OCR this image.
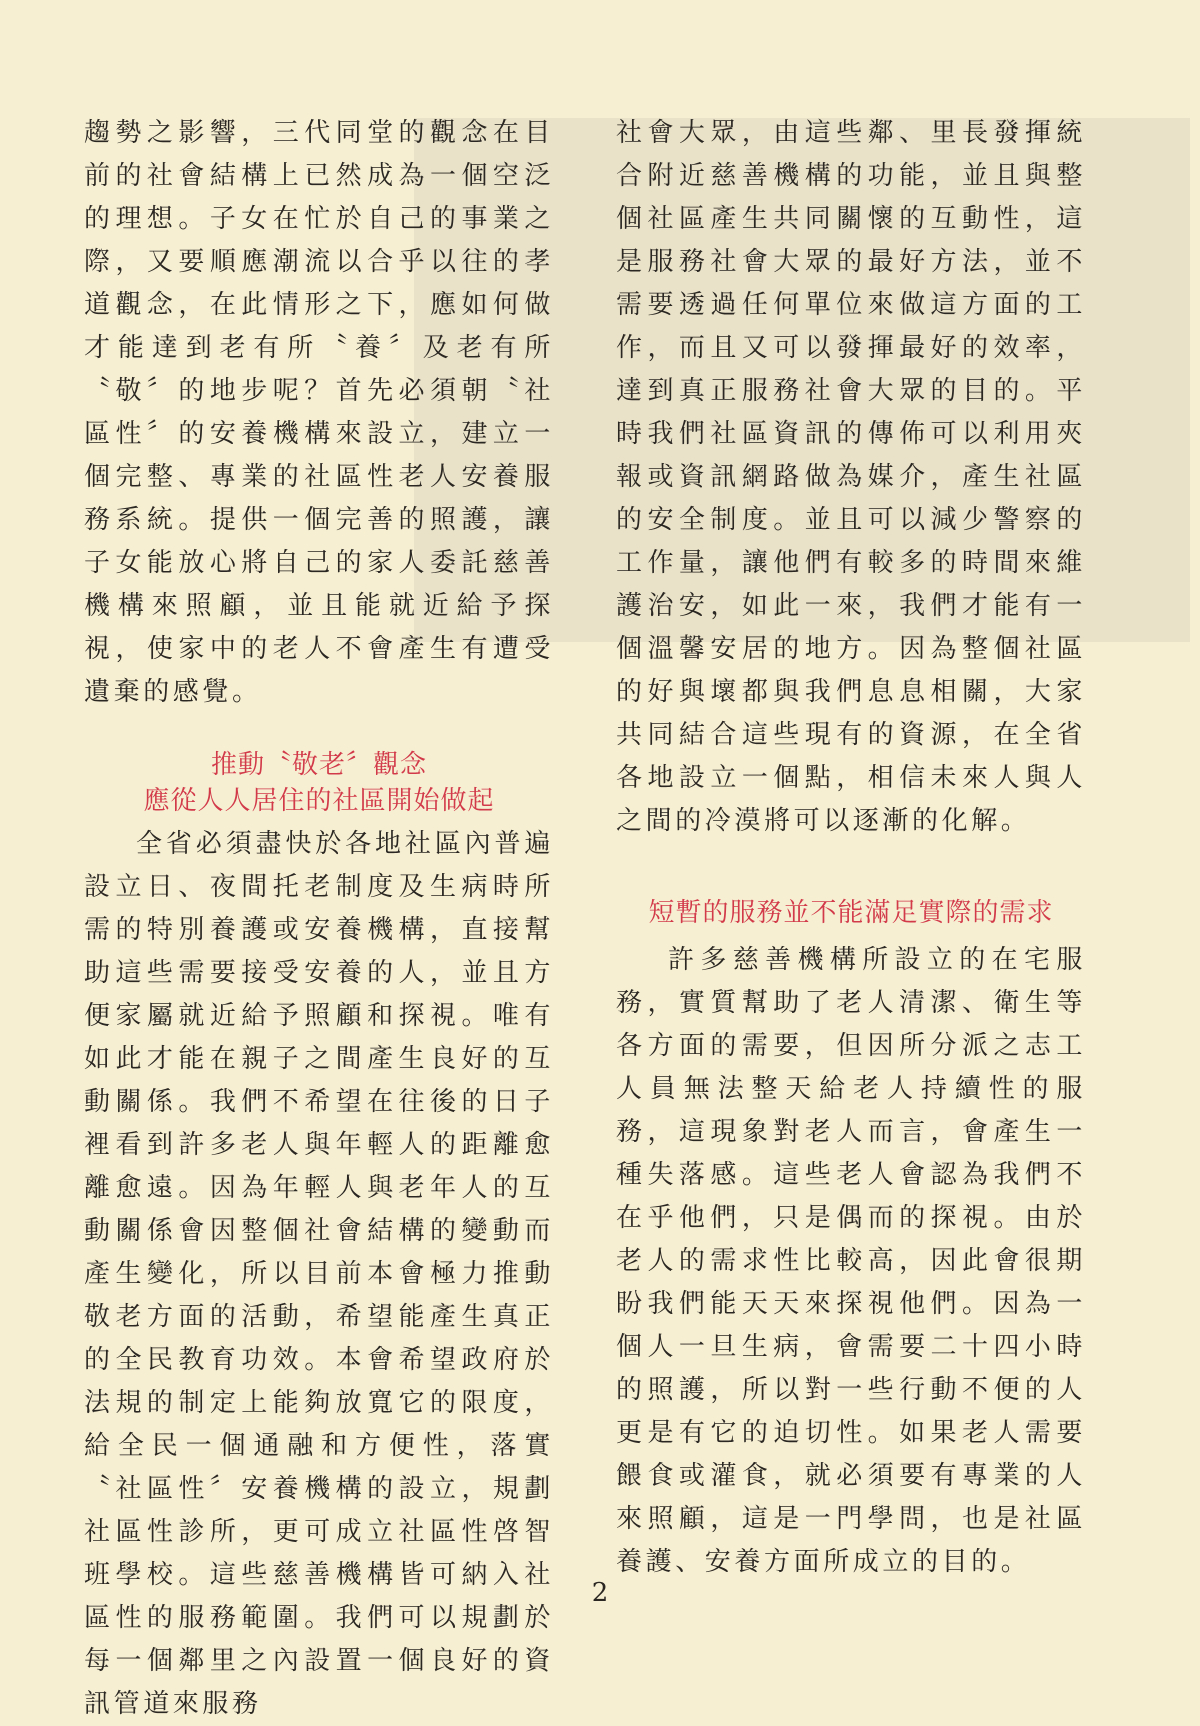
趨勢之影響，三代同堂的觀念在目前的社會結構上已然成為一個空泛的理想。子女在忙於自己的事業之際，又要順應潮流以合乎以往的孝道觀念，在此情形之下，應如何做才能達到老有所〝養〞及老有所〝敬〞的地步呢？首先必須朝〝社區性〞的安養機構來設立，建立一個完整、專業的社區性老人安養服務系統。提供一個完善的照護，讓子女能放心將自己的家人委託慈善機構來照顧，並且能就近給予探視，使家中的老人不會產生有遭受遺棄的感覺。

推動〝敬老〞觀念

應從人人居住的社區開始做起

全省必須盡快於各地社區內普遍設立日、夜間托老制度及生病時所需的特別養護或安養機構，直接幫助這些需要接受安養的人，並且方便家屬就近給予照顧和探視。唯有如此才能在親子之間產生良好的互動關係。我們不希望在往後的日子裡看到許多老人與年輕人的距離愈離愈遠。因為年輕人與老年人的互動關係會因整個社會結構的變動而產生變化，所以目前本會極力推動敬老方面的活動，希望能產生真正的全民教育功效。本會希望政府於法規的制定上能夠放寬它的限度，給全民一個通融和方便性，落實〝社區性〞安養機構的設立，規劃社區性診所，更可成立社區性啓智班學校。這些慈善機構皆可納入社區性的服務範圍。我們可以規劃於每一個鄰里之內設置一個良好的資訊管道來服務

社會大眾，由這些鄰、里長發揮統合附近慈善機構的功能，並且與整個社區產生共同關懷的互動性，這是服務社會大眾的最好方法，並不需要透過任何單位來做這方面的工作，而且又可以發揮最好的效率，達到真正服務社會大眾的目的。平時我們社區資訊的傳佈可以利用夾報或資訊網路做為媒介，產生社區的安全制度。並且可以減少警察的工作量，讓他們有較多的時間來維護治安，如此一來，我們才能有一個溫馨安居的地方。因為整個社區的好與壞都與我們息息相關，大家共同結合這些現有的資源，在全省各地設立一個點，相信未來人與人之間的冷漠將可以逐漸的化解。

短暫的服務並不能滿足實際的需求

許多慈善機構所設立的在宅服務，實質幫助了老人清潔、衛生等各方面的需要，但因所分派之志工人員無法整天給老人持續性的服務，這現象對老人而言，會產生一種失落感。這些老人會認為我們不在乎他們，只是偶而的探視。由於老人的需求性比較高，因此會很期盼我們能天天來探視他們。因為一個人一旦生病，會需要二十四小時的照護，所以對一些行動不便的人更是有它的迫切性。如果老人需要餵食或灌食，就必須要有專業的人來照顧，這是一門學問，也是社區養護、安養方面所成立的目的。

2
